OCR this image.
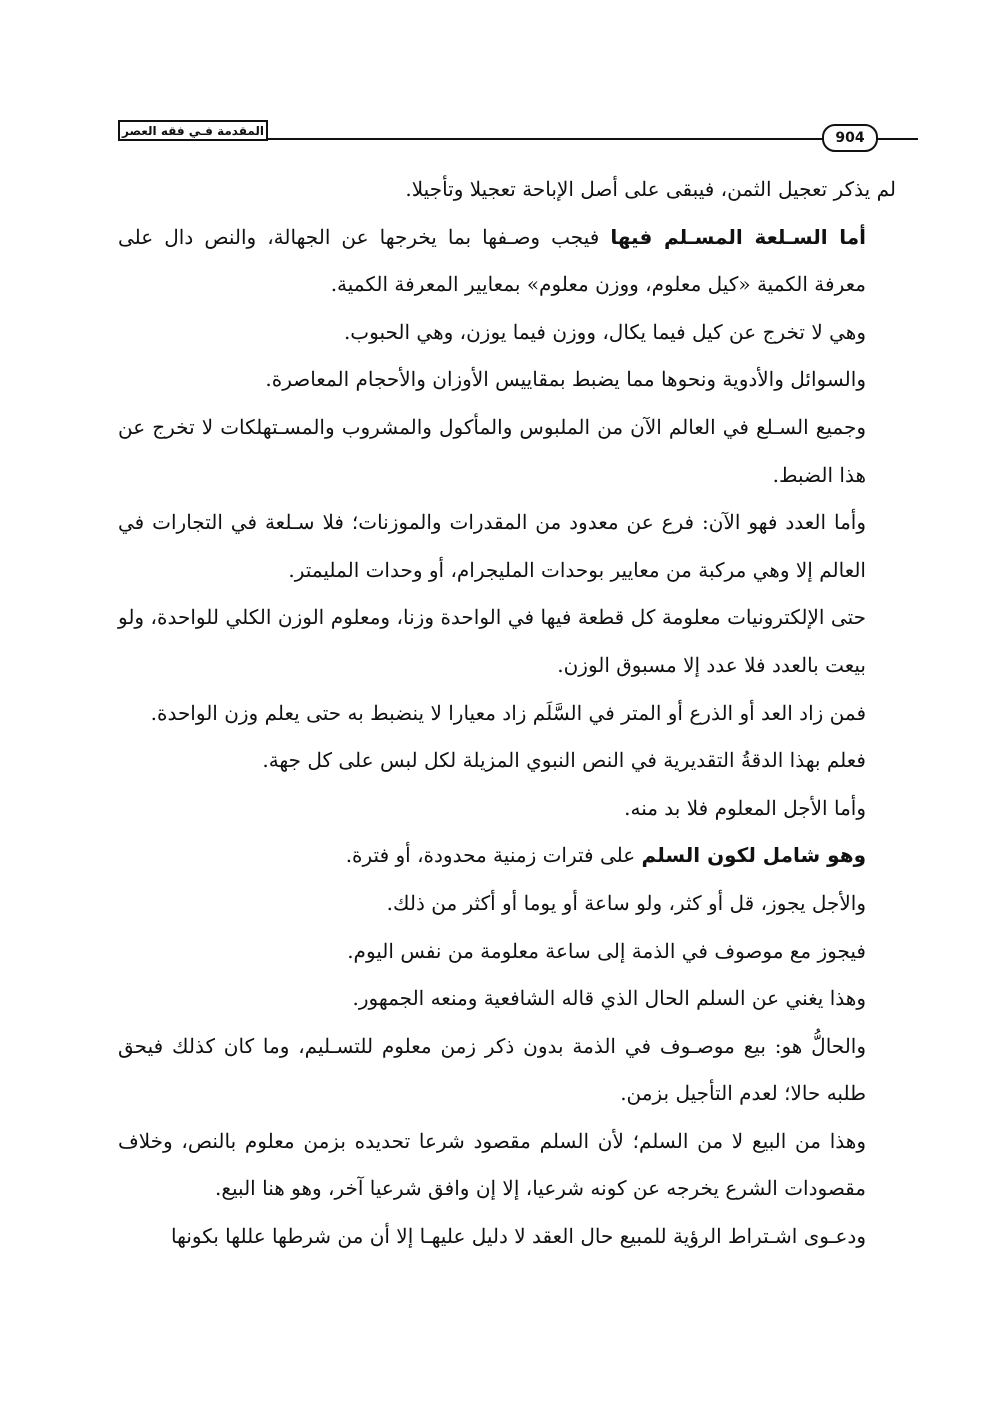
المقدمة فـي فقه العصر	904

لم يذكر تعجيل الثمن، فيبقى على أصل الإباحة تعجيلا وتأجيلا.

أما السـلعة المسـلم فيها فيجب وصـفها بما يخرجها عن الجهالة، والنص دال على معرفة الكمية «كيل معلوم، ووزن معلوم» بمعايير المعرفة الكمية.

وهي لا تخرج عن كيل فيما يكال، ووزن فيما يوزن، وهي الحبوب.

والسوائل والأدوية ونحوها مما يضبط بمقاييس الأوزان والأحجام المعاصرة.

وجميع السـلع في العالم الآن من الملبوس والمأكول والمشروب والمسـتهلكات لا تخرج عن هذا الضبط.

وأما العدد فهو الآن: فرع عن معدود من المقدرات والموزنات؛ فلا سـلعة في التجارات في العالم إلا وهي مركبة من معايير بوحدات المليجرام، أو وحدات المليمتر.

حتى الإلكترونيات معلومة كل قطعة فيها في الواحدة وزنا، ومعلوم الوزن الكلي للواحدة، ولو بيعت بالعدد فلا عدد إلا مسبوق الوزن.

فمن زاد العد أو الذرع أو المتر في السَّلَم زاد معيارا لا ينضبط به حتى يعلم وزن الواحدة.

فعلم بهذا الدقةُ التقديرية في النص النبوي المزيلة لكل لبس على كل جهة.

وأما الأجل المعلوم فلا بد منه.

وهو شامل لكون السلم على فترات زمنية محدودة، أو فترة.

والأجل يجوز، قل أو كثر، ولو ساعة أو يوما أو أكثر من ذلك.

فيجوز مع موصوف في الذمة إلى ساعة معلومة من نفس اليوم.

وهذا يغني عن السلم الحال الذي قاله الشافعية ومنعه الجمهور.

والحالُّ هو: بيع موصـوف في الذمة بدون ذكر زمن معلوم للتسـليم، وما كان كذلك فيحق طلبه حالا؛ لعدم التأجيل بزمن.

وهذا من البيع لا من السلم؛ لأن السلم مقصود شرعا تحديده بزمن معلوم بالنص، وخلاف مقصودات الشرع يخرجه عن كونه شرعيا، إلا إن وافق شرعيا آخر، وهو هنا البيع.

ودعـوى اشـتراط الرؤية للمبيع حال العقد لا دليل عليهـا إلا أن من شرطها عللها بكونها
